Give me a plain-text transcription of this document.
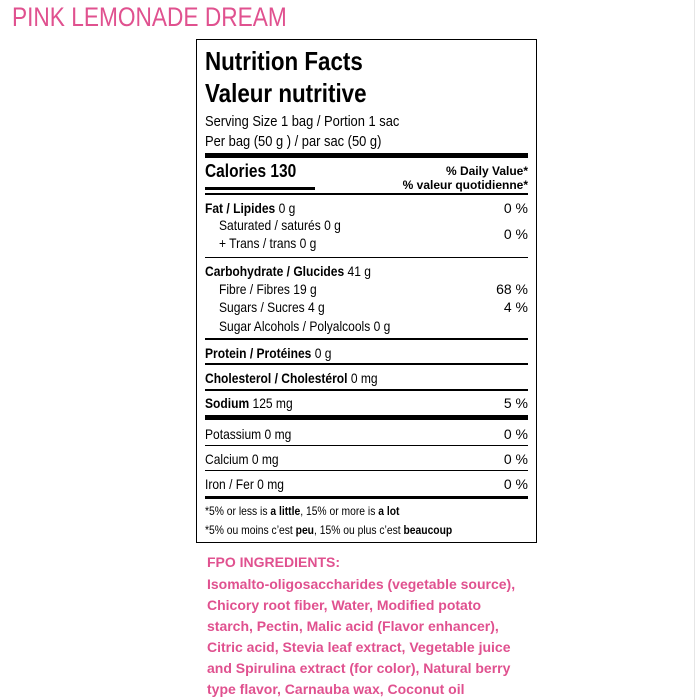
PINK LEMONADE DREAM
Nutrition Facts
Valeur nutritive
Serving Size 1 bag / Portion 1 sac
Per bag (50 g ) / par sac (50 g)
Calories 130	% Daily Value*
% valeur quotidienne*
Fat / Lipides 0 g	0 %
Saturated / saturés 0 g
+ Trans / trans 0 g
0 %
Carbohydrate / Glucides 41 g
Fibre / Fibres 19 g	68 %
Sugars / Sucres 4 g	4 %
Sugar Alcohols / Polyalcools 0 g
Protein / Protéines 0 g
Cholesterol / Cholestérol 0 mg
Sodium 125 mg	5 %
Potassium 0 mg	0 %
Calcium 0 mg	0 %
Iron / Fer 0 mg	0 %
*5% or less is a little, 15% or more is a lot
*5% ou moins c’est peu, 15% ou plus c’est beaucoup
FPO INGREDIENTS:
Isomalto-oligosaccharides (vegetable source),
Chicory root fiber, Water, Modified potato
starch, Pectin, Malic acid (Flavor enhancer),
Citric acid, Stevia leaf extract, Vegetable juice
and Spirulina extract (for color), Natural berry
type flavor, Carnauba wax, Coconut oil
